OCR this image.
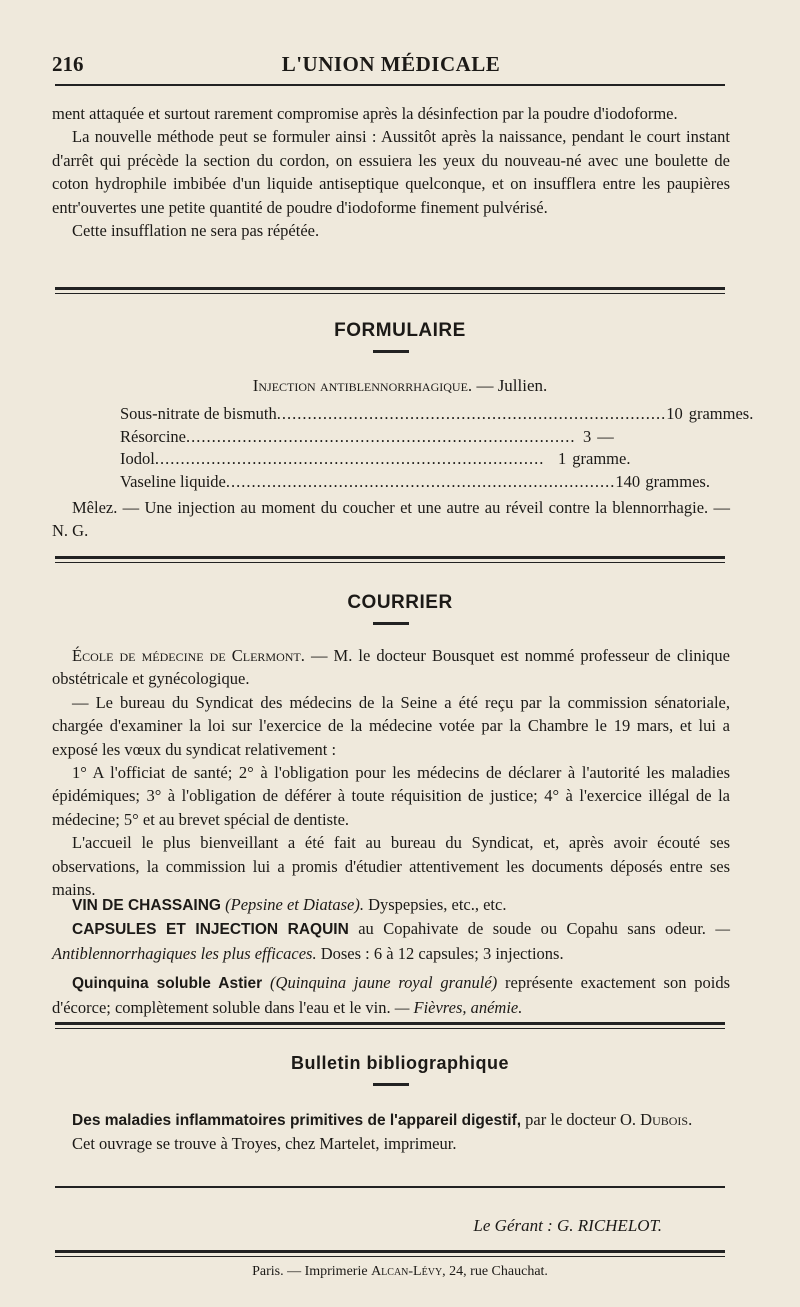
216	L'UNION MÉDICALE

ment attaquée et surtout rarement compromise après la désinfection par la poudre d'iodoforme.

La nouvelle méthode peut se formuler ainsi : Aussitôt après la naissance, pendant le court instant d'arrêt qui précède la section du cordon, on essuiera les yeux du nouveau-né avec une boulette de coton hydrophile imbibée d'un liquide antiseptique quelconque, et on insufflera entre les paupières entr'ouvertes une petite quantité de poudre d'iodoforme finement pulvérisé.

Cette insufflation ne sera pas répétée.

FORMULAIRE
Injection antiblennorrhagique. — Jullien.
Sous-nitrate de bismuth ............................................................................ 10 grammes.
Résorcine ............................................................................ 3 —
Iodol ............................................................................ 1 gramme.
Vaseline liquide ............................................................................ 140 grammes.

Mêlez. — Une injection au moment du coucher et une autre au réveil contre la blennorrhagie. — N. G.

COURRIER

École de médecine de Clermont. — M. le docteur Bousquet est nommé professeur de clinique obstétricale et gynécologique.

— Le bureau du Syndicat des médecins de la Seine a été reçu par la commission sénatoriale, chargée d'examiner la loi sur l'exercice de la médecine votée par la Chambre le 19 mars, et lui a exposé les vœux du syndicat relativement :

1° A l'officiat de santé; 2° à l'obligation pour les médecins de déclarer à l'autorité les maladies épidémiques; 3° à l'obligation de déférer à toute réquisition de justice; 4° à l'exercice illégal de la médecine; 5° et au brevet spécial de dentiste.

L'accueil le plus bienveillant a été fait au bureau du Syndicat, et, après avoir écouté ses observations, la commission lui a promis d'étudier attentivement les documents déposés entre ses mains.

VIN DE CHASSAING (Pepsine et Diatase). Dyspepsies, etc., etc.

CAPSULES ET INJECTION RAQUIN au Copahivate de soude ou Copahu sans odeur. — Antiblennorrhagiques les plus efficaces. Doses : 6 à 12 capsules; 3 injections.

Quinquina soluble Astier (Quinquina jaune royal granulé) représente exactement son poids d'écorce; complètement soluble dans l'eau et le vin. — Fièvres, anémie.

Bulletin bibliographique

Des maladies inflammatoires primitives de l'appareil digestif, par le docteur O. Dubois.

Cet ouvrage se trouve à Troyes, chez Martelet, imprimeur.

Le Gérant : G. RICHELOT.
Paris. — Imprimerie Alcan-Lévy, 24, rue Chauchat.
